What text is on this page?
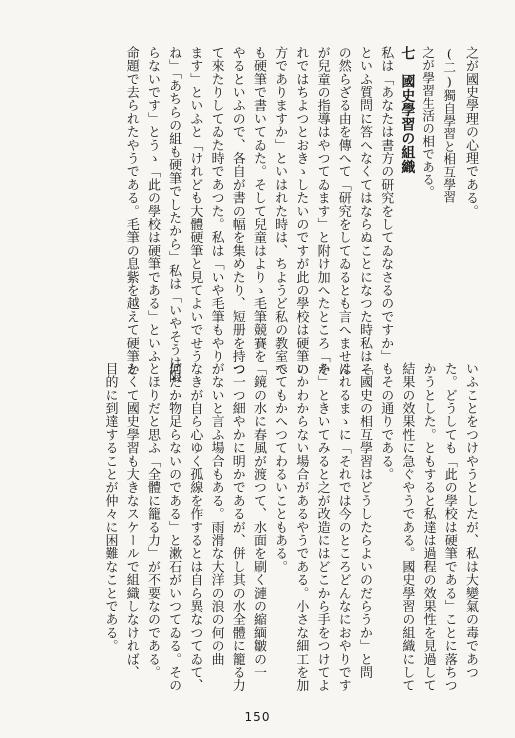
之が國史學理の心理である。
(二)獨自學習と相互學習
之が學習生活の相である。
七　國史學習の組織
私は「あなたは書方の研究をしてゐなさるのですか」
といふ質問に答へなくてはならぬことになつた時私はそ
の然らざる由を傳へて「研究をしてゐるとも言へません
が兒童の指導はやつてゐます」と附け加へたところ「そ
れではちよつとおきゝしたいのですが此の學校は硬筆の
方でありますか」といはれた時は、ちようど私の教室で
も硬筆で書いてゐた。そして兒童はよりゝ毛筆競賽を
やるといふので、各自が書の幅を集めたり、短册を持つ
て來たりしてゐた時であつた。私は「いや毛筆もやり
ます」といふと「けれども大體硬筆と見てよいでせう
ね」「あちらの組も硬筆でしたから」私は「いやそうは限
らないです」とうゝ「此の學校は硬筆である」といふ
命題で去られたやうである。毛筆の息紫を越えて硬筆と
いふことをつけやうとしたが、私は大變氣の毒であつ
た。どうしても「此の學校は硬筆である」ことに落ちつ
かうとした。ともすると私達は過程の效果性を見過して
結果の效果性に急ぐやうである。國史學習の組織にして
もその通りである。
「國史の相互學習はどうしたらよいのだらうか」と問
はれるまゝに「それでは今のところどんなにおやりです
か」ときいてみると之が改造にはどこから手をつけてよ
いかわからない場合があるやうである。小さな細工を加
へてもかへつてわるいこともある。
「鏡の水に春風が渡つて、水面を刷く漣の縮緬皺の一
つ一つ細やかに明かであるが、併し其の水全體に籠る力
がないと言ふ場合もある。雨滑な大洋の浪の何の曲
なきが自ら心ゆく孤線を作するとは自ら異なつてゐて、
何だか物足らないのである」と漱石がいつてゐる。その
とほりだと思ふ「全體に籠る力」が不要なのである。
かくて國史學習も大きなスケールで組織しなければ、
目的に到達することが仲々に困難なことである。
150
